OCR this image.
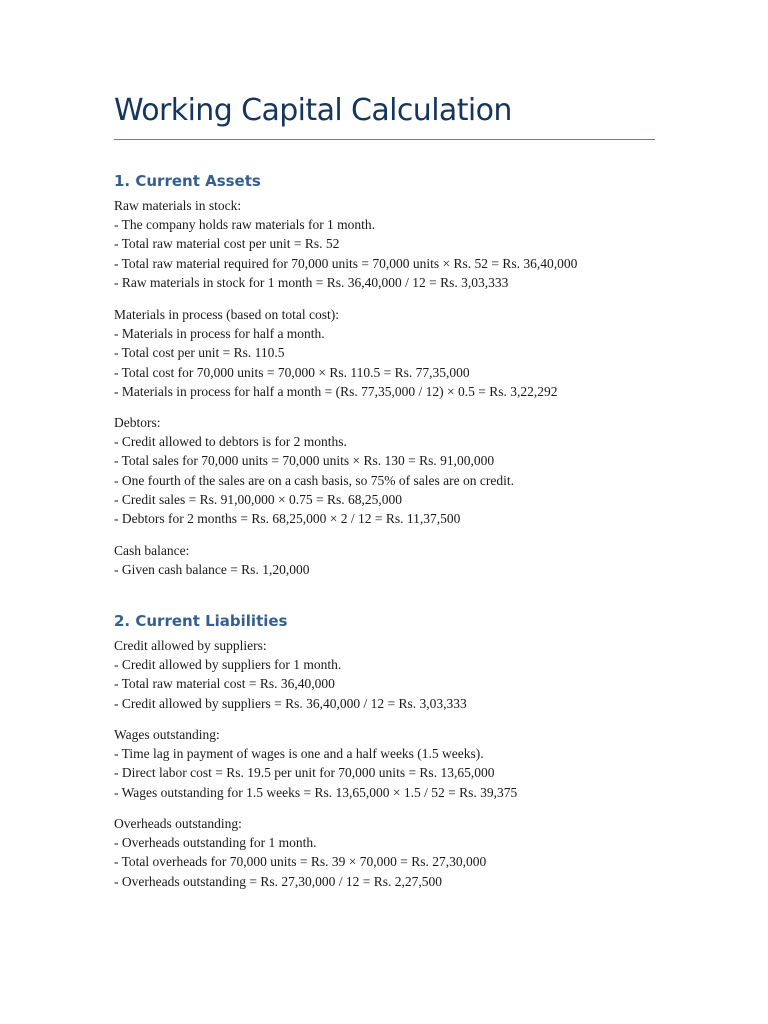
Working Capital Calculation
1. Current Assets
Raw materials in stock:
- The company holds raw materials for 1 month.
- Total raw material cost per unit = Rs. 52
- Total raw material required for 70,000 units = 70,000 units × Rs. 52 = Rs. 36,40,000
- Raw materials in stock for 1 month = Rs. 36,40,000 / 12 = Rs. 3,03,333
Materials in process (based on total cost):
- Materials in process for half a month.
- Total cost per unit = Rs. 110.5
- Total cost for 70,000 units = 70,000 × Rs. 110.5 = Rs. 77,35,000
- Materials in process for half a month = (Rs. 77,35,000 / 12) × 0.5 = Rs. 3,22,292
Debtors:
- Credit allowed to debtors is for 2 months.
- Total sales for 70,000 units = 70,000 units × Rs. 130 = Rs. 91,00,000
- One fourth of the sales are on a cash basis, so 75% of sales are on credit.
- Credit sales = Rs. 91,00,000 × 0.75 = Rs. 68,25,000
- Debtors for 2 months = Rs. 68,25,000 × 2 / 12 = Rs. 11,37,500
Cash balance:
- Given cash balance = Rs. 1,20,000
2. Current Liabilities
Credit allowed by suppliers:
- Credit allowed by suppliers for 1 month.
- Total raw material cost = Rs. 36,40,000
- Credit allowed by suppliers = Rs. 36,40,000 / 12 = Rs. 3,03,333
Wages outstanding:
- Time lag in payment of wages is one and a half weeks (1.5 weeks).
- Direct labor cost = Rs. 19.5 per unit for 70,000 units = Rs. 13,65,000
- Wages outstanding for 1.5 weeks = Rs. 13,65,000 × 1.5 / 52 = Rs. 39,375
Overheads outstanding:
- Overheads outstanding for 1 month.
- Total overheads for 70,000 units = Rs. 39 × 70,000 = Rs. 27,30,000
- Overheads outstanding = Rs. 27,30,000 / 12 = Rs. 2,27,500
